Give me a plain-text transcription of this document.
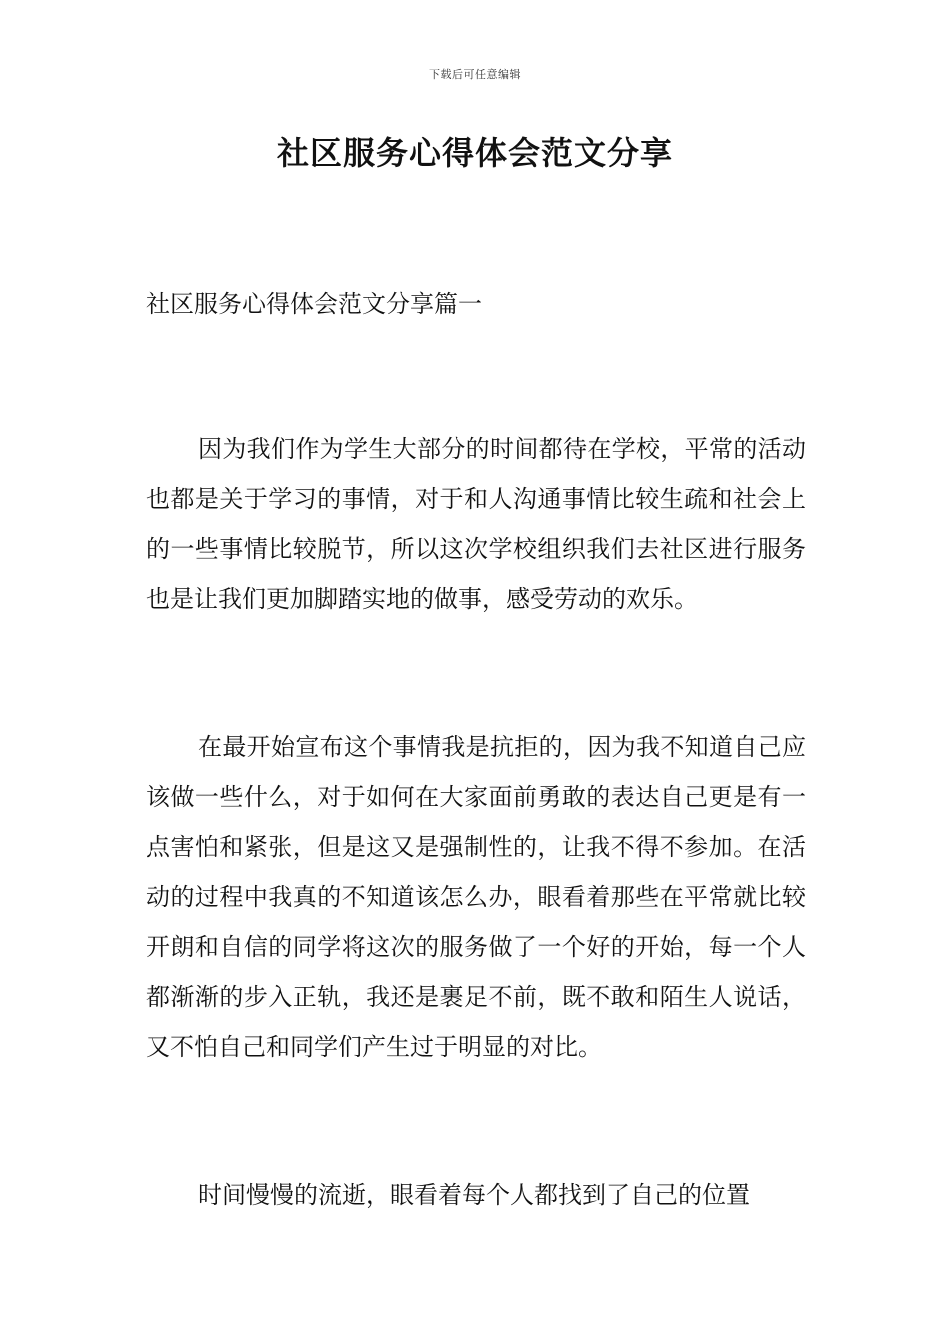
下载后可任意编辑
社区服务心得体会范文分享
社区服务心得体会范文分享篇一

因为我们作为学生大部分的时间都待在学校，平常的活动也都是关于学习的事情，对于和人沟通事情比较生疏和社会上的一些事情比较脱节，所以这次学校组织我们去社区进行服务也是让我们更加脚踏实地的做事，感受劳动的欢乐。

在最开始宣布这个事情我是抗拒的，因为我不知道自己应该做一些什么，对于如何在大家面前勇敢的表达自己更是有一点害怕和紧张，但是这又是强制性的，让我不得不参加。在活动的过程中我真的不知道该怎么办，眼看着那些在平常就比较开朗和自信的同学将这次的服务做了一个好的开始，每一个人都渐渐的步入正轨，我还是裹足不前，既不敢和陌生人说话，又不怕自己和同学们产生过于明显的对比。

时间慢慢的流逝，眼看着每个人都找到了自己的位置
